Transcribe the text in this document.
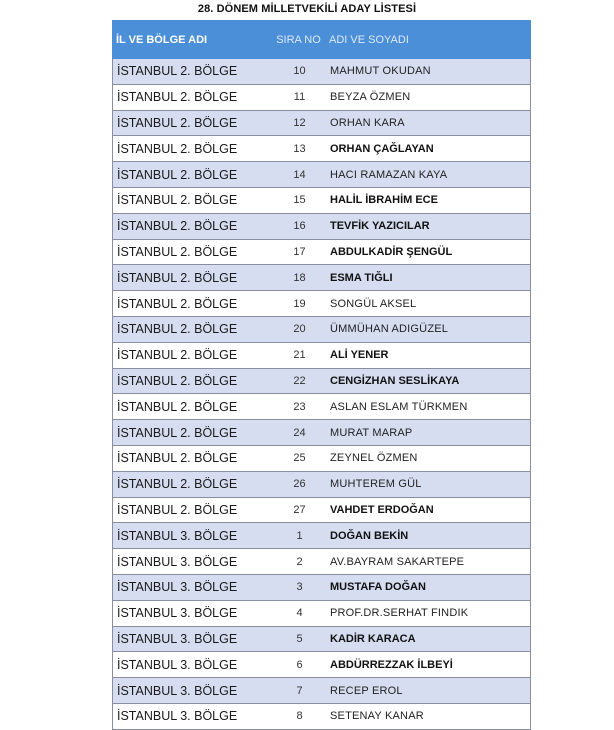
28. DÖNEM MİLLETVEKİLİ ADAY LİSTESİ
İL VE BÖLGE ADI	SIRA NO ADI VE SOYADI
İSTANBUL 2. BÖLGE	10	MAHMUT OKUDAN
İSTANBUL 2. BÖLGE	11	BEYZA ÖZMEN
İSTANBUL 2. BÖLGE	12	ORHAN KARA
İSTANBUL 2. BÖLGE	13	ORHAN ÇAĞLAYAN
İSTANBUL 2. BÖLGE	14	HACI RAMAZAN KAYA
İSTANBUL 2. BÖLGE	15	HALİL İBRAHİM ECE
İSTANBUL 2. BÖLGE	16	TEVFİK YAZICILAR
İSTANBUL 2. BÖLGE	17	ABDULKADİR ŞENGÜL
İSTANBUL 2. BÖLGE	18	ESMA TIĞLI
İSTANBUL 2. BÖLGE	19	SONGÜL AKSEL
İSTANBUL 2. BÖLGE	20	ÜMMÜHAN ADIGÜZEL
İSTANBUL 2. BÖLGE	21	ALİ YENER
İSTANBUL 2. BÖLGE	22	CENGİZHAN SESLİKAYA
İSTANBUL 2. BÖLGE	23	ASLAN ESLAM TÜRKMEN
İSTANBUL 2. BÖLGE	24	MURAT MARAP
İSTANBUL 2. BÖLGE	25	ZEYNEL ÖZMEN
İSTANBUL 2. BÖLGE	26	MUHTEREM GÜL
İSTANBUL 2. BÖLGE	27	VAHDET ERDOĞAN
İSTANBUL 3. BÖLGE	1	DOĞAN BEKİN
İSTANBUL 3. BÖLGE	2	AV.BAYRAM SAKARTEPE
İSTANBUL 3. BÖLGE	3	MUSTAFA DOĞAN
İSTANBUL 3. BÖLGE	4	PROF.DR.SERHAT FINDIK
İSTANBUL 3. BÖLGE	5	KADİR KARACA
İSTANBUL 3. BÖLGE	6	ABDÜRREZZAK İLBEYİ
İSTANBUL 3. BÖLGE	7	RECEP EROL
İSTANBUL 3. BÖLGE	8	SETENAY KANAR
